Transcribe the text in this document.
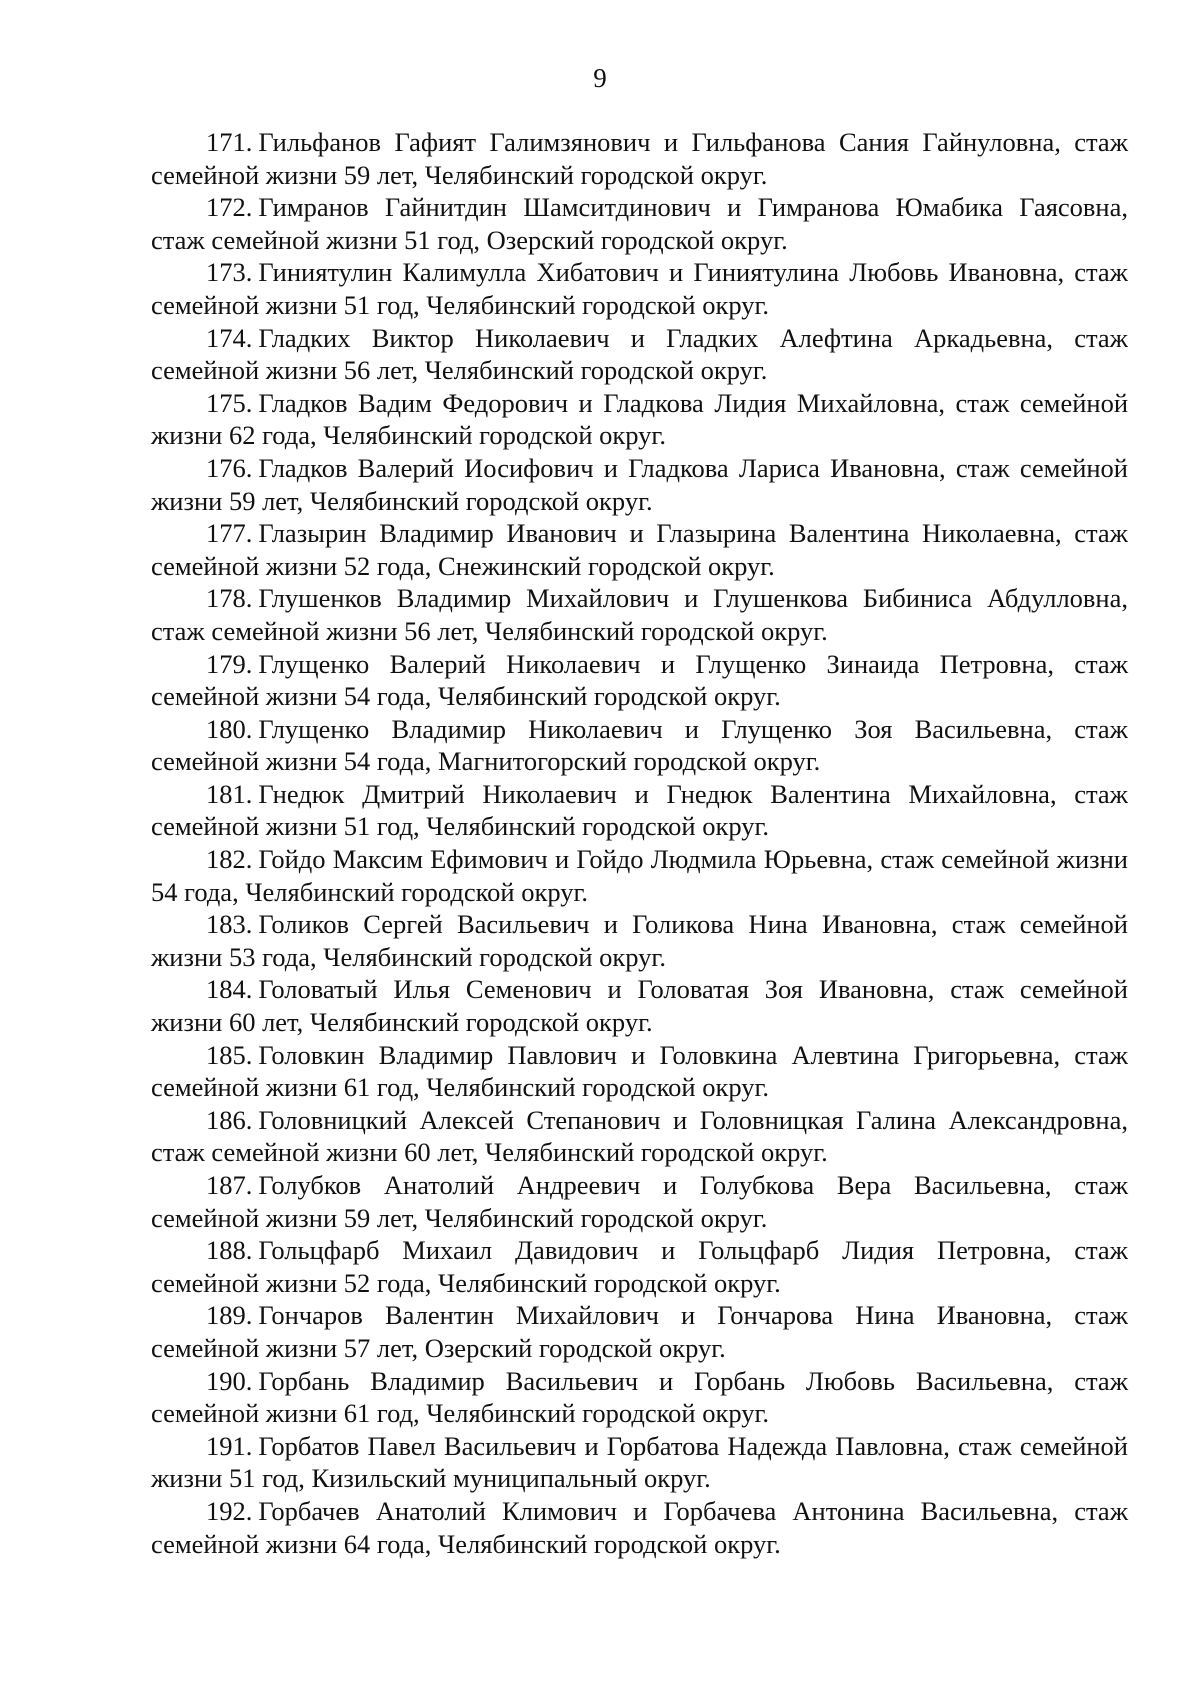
9

171. Гильфанов Гафият Галимзянович и Гильфанова Сания Гайнуловна, стаж семейной жизни 59 лет, Челябинский городской округ.

172. Гимранов Гайнитдин Шамситдинович и Гимранова Юмабика Гаясовна, стаж семейной жизни 51 год, Озерский городской округ.

173. Гиниятулин Калимулла Хибатович и Гиниятулина Любовь Ивановна, стаж семейной жизни 51 год, Челябинский городской округ.

174. Гладких Виктор Николаевич и Гладких Алефтина Аркадьевна, стаж семейной жизни 56 лет, Челябинский городской округ.

175. Гладков Вадим Федорович и Гладкова Лидия Михайловна, стаж семейной жизни 62 года, Челябинский городской округ.

176. Гладков Валерий Иосифович и Гладкова Лариса Ивановна, стаж семейной жизни 59 лет, Челябинский городской округ.

177. Глазырин Владимир Иванович и Глазырина Валентина Николаевна, стаж семейной жизни 52 года, Снежинский городской округ.

178. Глушенков Владимир Михайлович и Глушенкова Бибиниса Абдулловна, стаж семейной жизни 56 лет, Челябинский городской округ.

179. Глущенко Валерий Николаевич и Глущенко Зинаида Петровна, стаж семейной жизни 54 года, Челябинский городской округ.

180. Глущенко Владимир Николаевич и Глущенко Зоя Васильевна, стаж семейной жизни 54 года, Магнитогорский городской округ.

181. Гнедюк Дмитрий Николаевич и Гнедюк Валентина Михайловна, стаж семейной жизни 51 год, Челябинский городской округ.

182. Гойдо Максим Ефимович и Гойдо Людмила Юрьевна, стаж семейной жизни 54 года, Челябинский городской округ.

183. Голиков Сергей Васильевич и Голикова Нина Ивановна, стаж семейной жизни 53 года, Челябинский городской округ.

184. Головатый Илья Семенович и Головатая Зоя Ивановна, стаж семейной жизни 60 лет, Челябинский городской округ.

185. Головкин Владимир Павлович и Головкина Алевтина Григорьевна, стаж семейной жизни 61 год, Челябинский городской округ.

186. Головницкий Алексей Степанович и Головницкая Галина Александровна, стаж семейной жизни 60 лет, Челябинский городской округ.

187. Голубков Анатолий Андреевич и Голубкова Вера Васильевна, стаж семейной жизни 59 лет, Челябинский городской округ.

188. Гольцфарб Михаил Давидович и Гольцфарб Лидия Петровна, стаж семейной жизни 52 года, Челябинский городской округ.

189. Гончаров Валентин Михайлович и Гончарова Нина Ивановна, стаж семейной жизни 57 лет, Озерский городской округ.

190. Горбань Владимир Васильевич и Горбань Любовь Васильевна, стаж семейной жизни 61 год, Челябинский городской округ.

191. Горбатов Павел Васильевич и Горбатова Надежда Павловна, стаж семейной жизни 51 год, Кизильский муниципальный округ.

192. Горбачев Анатолий Климович и Горбачева Антонина Васильевна, стаж семейной жизни 64 года, Челябинский городской округ.
